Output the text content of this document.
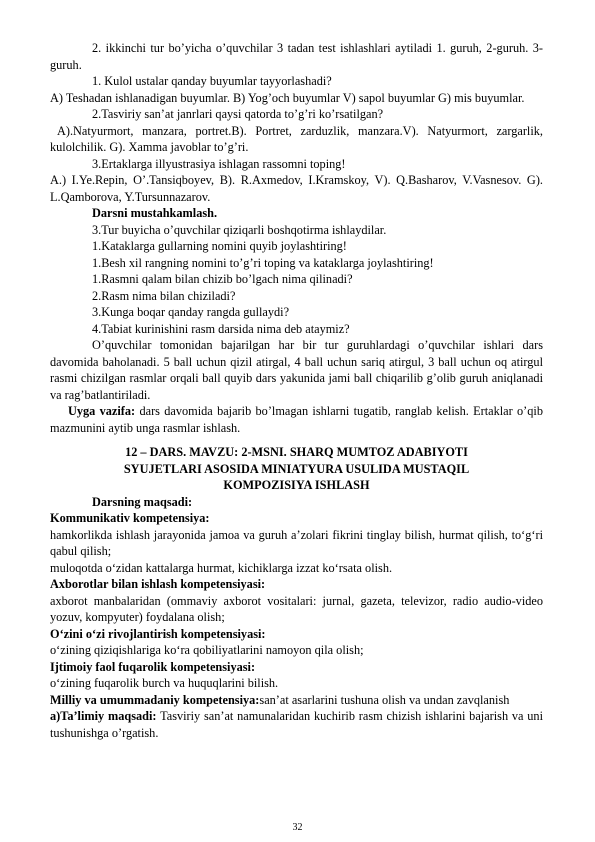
2. ikkinchi tur bo’yicha o’quvchilar 3 tadan test ishlashlari aytiladi 1. guruh, 2-guruh. 3-guruh.

1. Kulol ustalar qanday buyumlar tayyorlashadi?

A) Teshadan ishlanadigan buyumlar. B) Yog’och buyumlar V) sapol buyumlar G) mis buyumlar.

2.Tasviriy san’at janrlari qaysi qatorda to’g’ri ko’rsatilgan?

A).Natyurmort, manzara, portret.B). Portret, zarduzlik, manzara.V). Natyurmort, zargarlik, kulolchilik. G). Xamma javoblar to’g’ri.

3.Ertaklarga illyustrasiya ishlagan rassomni toping!

A.) I.Ye.Repin, O’.Tansiqboyev, B). R.Axmedov, I.Kramskoy, V). Q.Basharov, V.Vasnesov. G). L.Qamborova, Y.Tursunnazarov.

Darsni mustahkamlash.

3.Tur buyicha o’quvchilar qiziqarli boshqotirma ishlaydilar.

1.Kataklarga gullarning nomini quyib joylashtiring!

1.Besh xil rangning nomini to’g’ri toping va kataklarga joylashtiring!

1.Rasmni qalam bilan chizib bo’lgach nima qilinadi?

2.Rasm nima bilan chiziladi?

3.Kunga boqar qanday rangda gullaydi?

4.Tabiat kurinishini rasm darsida nima deb ataymiz?

O’quvchilar tomonidan bajarilgan har bir tur guruhlardagi o’quvchilar ishlari dars davomida baholanadi. 5 ball uchun qizil atirgal, 4 ball uchun sariq atirgul, 3 ball uchun oq atirgul rasmi chizilgan rasmlar orqali ball quyib dars yakunida jami ball chiqarilib g’olib guruh aniqlanadi va rag’batlantiriladi.

Uyga vazifa: dars davomida bajarib bo’lmagan ishlarni tugatib, ranglab kelish. Ertaklar o’qib mazmunini aytib unga rasmlar ishlash.

12 – DARS. MAVZU: 2-MSNI. SHARQ MUMTOZ ADABIYOTI

SYUJETLARI ASOSIDA MINIATYURA USULIDA MUSTAQIL

KOMPOZISIYA ISHLASH

Darsning maqsadi:

Kommunikativ kompetensiya:

hamkorlikda ishlash jarayonida jamoa va guruh a’zolari fikrini tinglay bilish, hurmat qilish, to‘g‘ri qabul qilish;

muloqotda o‘zidan kattalarga hurmat, kichiklarga izzat ko‘rsata olish.

Axborotlar bilan ishlash kompetensiyasi:

axborot manbalaridan (ommaviy axborot vositalari: jurnal, gazeta, televizor, radio audio-video yozuv, kompyuter) foydalana olish;

O‘zini o‘zi rivojlantirish kompetensiyasi:

o‘zining qiziqishlariga ko‘ra qobiliyatlarini namoyon qila olish;

Ijtimoiy faol fuqarolik kompetensiyasi:

o‘zining fuqarolik burch va huquqlarini bilish.

Milliy va umummadaniy kompetensiya:san’at asarlarini tushuna olish va undan zavqlanish

a)Ta’limiy maqsadi: Tasviriy san’at namunalaridan kuchirib rasm chizish ishlarini bajarish va uni tushunishga o’rgatish.

32
